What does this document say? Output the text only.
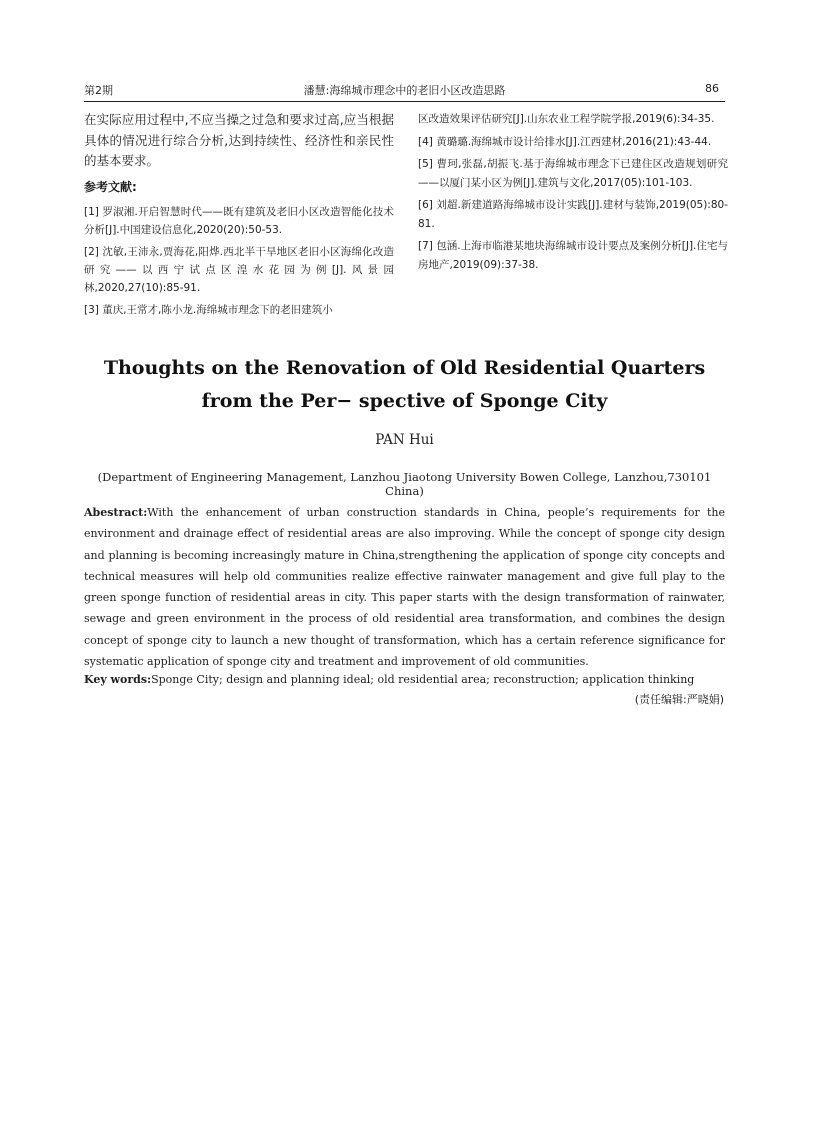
第2期	潘慧:海绵城市理念中的老旧小区改造思路	86

在实际应用过程中,不应当操之过急和要求过高,应当根据具体的情况进行综合分析,达到持续性、经济性和亲民性的基本要求。

参考文献:
[1] 罗淑湘.开启智慧时代——既有建筑及老旧小区改造智能化技术分析[J].中国建设信息化,2020(20):50-53.
[2] 沈敏,王沛永,贾海花,阳烨.西北半干旱地区老旧小区海绵化改造研究——以西宁试点区湟水花园为例[J].风景园林,2020,27(10):85-91.
[3] 董庆,王常才,陈小龙.海绵城市理念下的老旧建筑小
区改造效果评估研究[J].山东农业工程学院学报,2019(6):34-35.
[4] 黄璐璐.海绵城市设计给排水[J].江西建材,2016(21):43-44.
[5] 曹珂,张磊,胡振飞.基于海绵城市理念下已建住区改造规划研究——以厦门某小区为例[J].建筑与文化,2017(05):101-103.
[6] 刘超.新建道路海绵城市设计实践[J].建材与装饰,2019(05):80-81.
[7] 包涵.上海市临港某地块海绵城市设计要点及案例分析[J].住宅与房地产,2019(09):37-38.
Thoughts on the Renovation of Old Residential Quarters from the Per− spective of Sponge City

PAN Hui

(Department of Engineering Management, Lanzhou Jiaotong University Bowen College, Lanzhou,730101 China)

Abestract:With the enhancement of urban construction standards in China, people’s requirements for the environment and drainage effect of residential areas are also improving. While the concept of sponge city design and planning is becoming increasingly mature in China,strengthening the application of sponge city concepts and technical measures will help old communities realize effective rainwater management and give full play to the green sponge function of residential areas in city. This paper starts with the design transformation of rainwater, sewage and green environment in the process of old residential area transformation, and combines the design concept of sponge city to launch a new thought of transformation, which has a certain reference significance for systematic application of sponge city and treatment and improvement of old communities.

Key words:Sponge City; design and planning ideal; old residential area; reconstruction; application thinking

(责任编辑:严晓娟)
